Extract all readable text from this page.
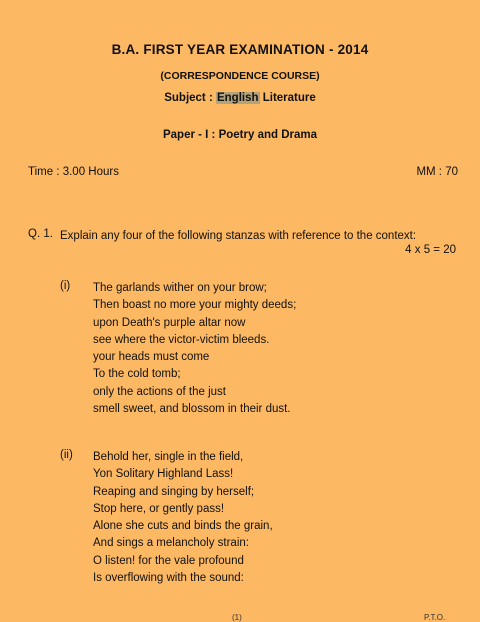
B.A. FIRST YEAR EXAMINATION - 2014
(CORRESPONDENCE COURSE)
Subject : English Literature
Paper - I : Poetry and Drama
Time : 3.00 Hours	MM : 70
Q. 1. Explain any four of the following stanzas with reference to the context:
4 x 5 = 20
(i) The garlands wither on your brow;
Then boast no more your mighty deeds;
upon Death's purple altar now
see where the victor-victim bleeds.
your heads must come
To the cold tomb;
only the actions of the just
smell sweet, and blossom in their dust.
(ii) Behold her, single in the field,
Yon Solitary Highland Lass!
Reaping and singing by herself;
Stop here, or gently pass!
Alone she cuts and binds the grain,
And sings a melancholy strain:
O listen! for the vale profound
Is overflowing with the sound:
(1)	P.T.O.
